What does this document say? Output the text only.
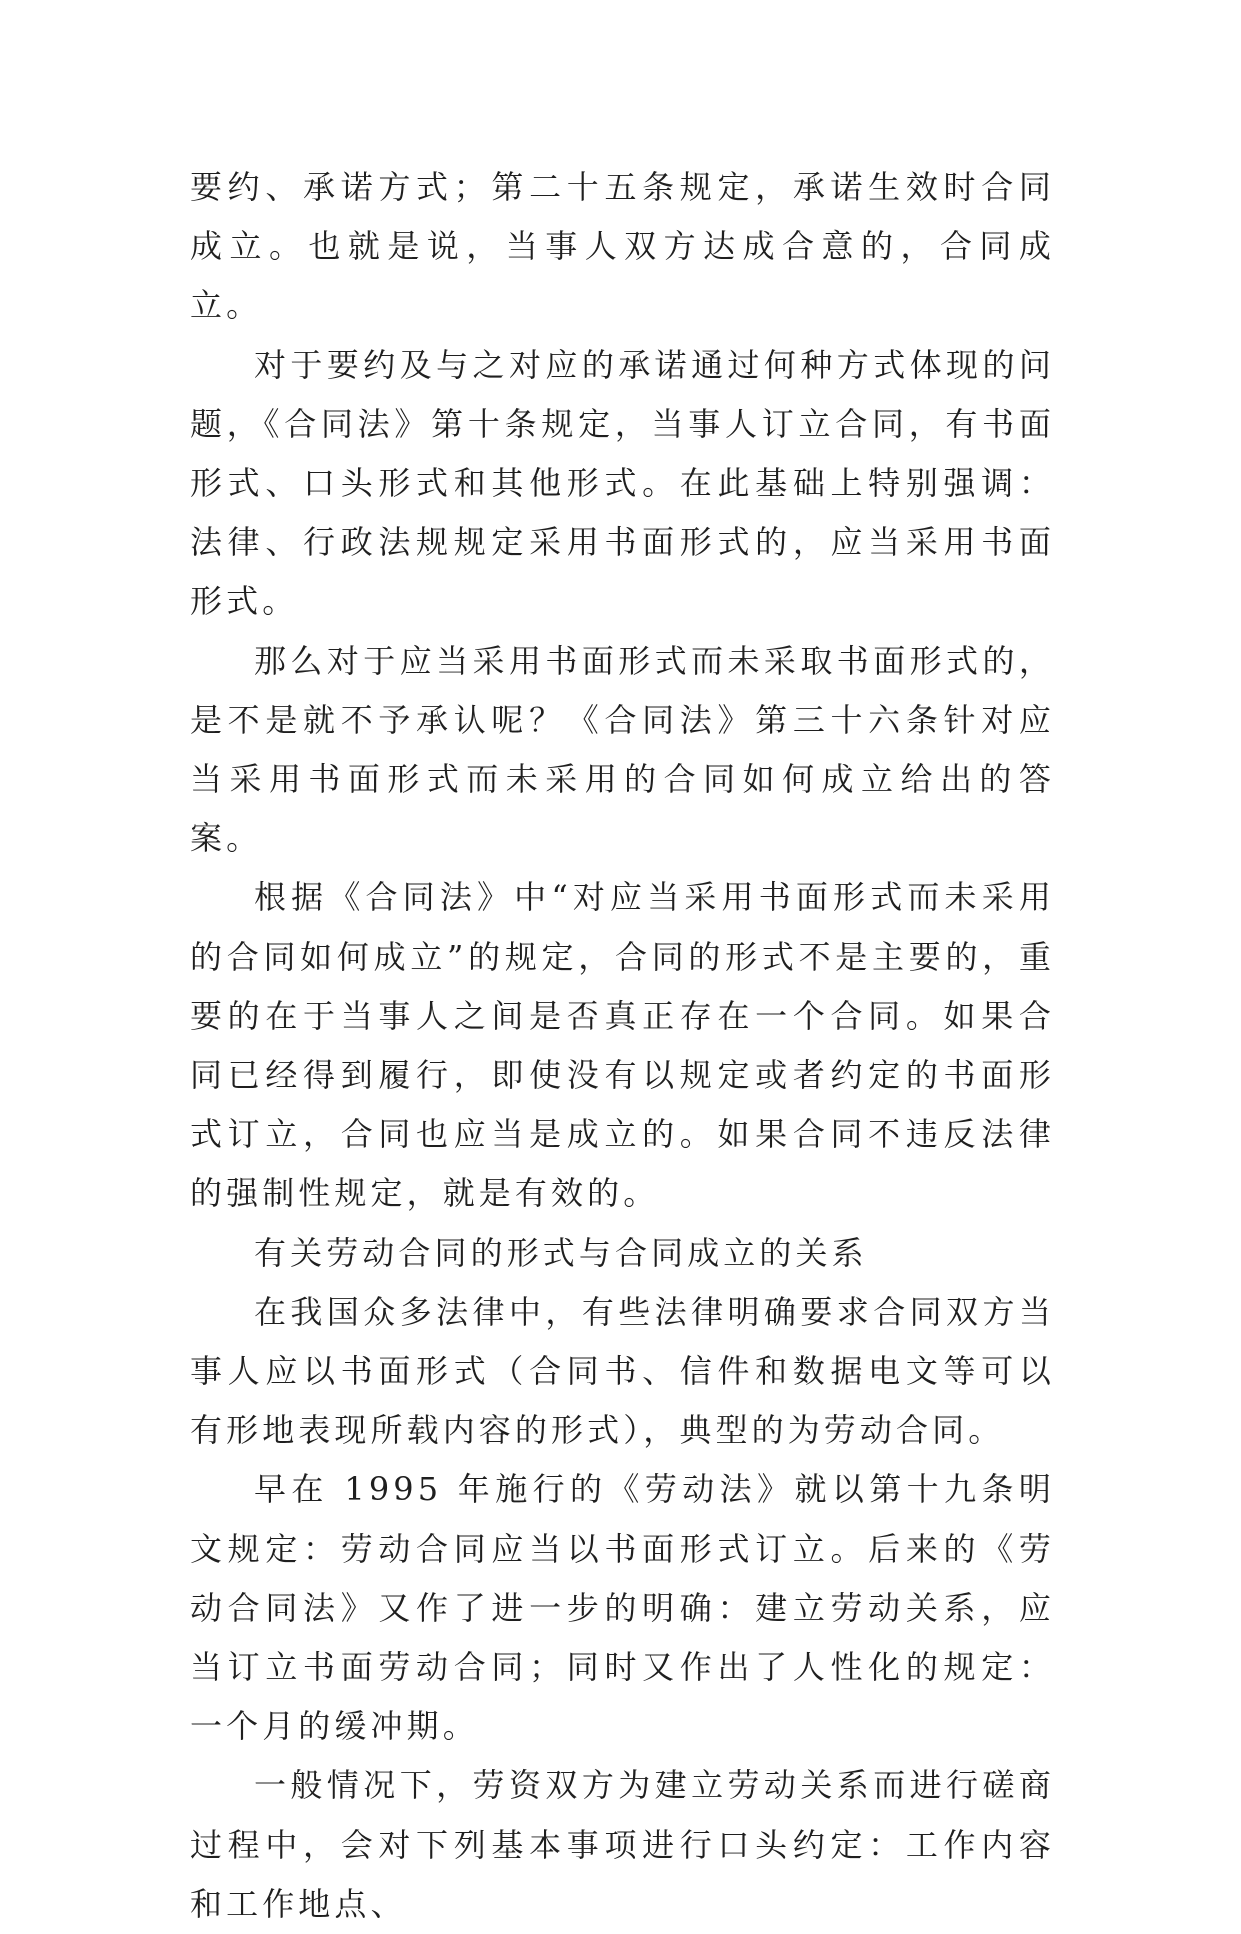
要约、承诺方式；第二十五条规定，承诺生效时合同成立。也就是说，当事人双方达成合意的，合同成立。

对于要约及与之对应的承诺通过何种方式体现的问题，《合同法》第十条规定，当事人订立合同，有书面形式、口头形式和其他形式。在此基础上特别强调：法律、行政法规规定采用书面形式的，应当采用书面形式。

那么对于应当采用书面形式而未采取书面形式的，是不是就不予承认呢？《合同法》第三十六条针对应当采用书面形式而未采用的合同如何成立给出的答案。

根据《合同法》中“对应当采用书面形式而未采用的合同如何成立”的规定，合同的形式不是主要的，重要的在于当事人之间是否真正存在一个合同。如果合同已经得到履行，即使没有以规定或者约定的书面形式订立，合同也应当是成立的。如果合同不违反法律的强制性规定，就是有效的。

有关劳动合同的形式与合同成立的关系

在我国众多法律中，有些法律明确要求合同双方当事人应以书面形式（合同书、信件和数据电文等可以有形地表现所载内容的形式），典型的为劳动合同。

早在 1995 年施行的《劳动法》就以第十九条明文规定：劳动合同应当以书面形式订立。后来的《劳动合同法》又作了进一步的明确：建立劳动关系，应当订立书面劳动合同；同时又作出了人性化的规定：一个月的缓冲期。

一般情况下，劳资双方为建立劳动关系而进行磋商过程中，会对下列基本事项进行口头约定：工作内容和工作地点、
